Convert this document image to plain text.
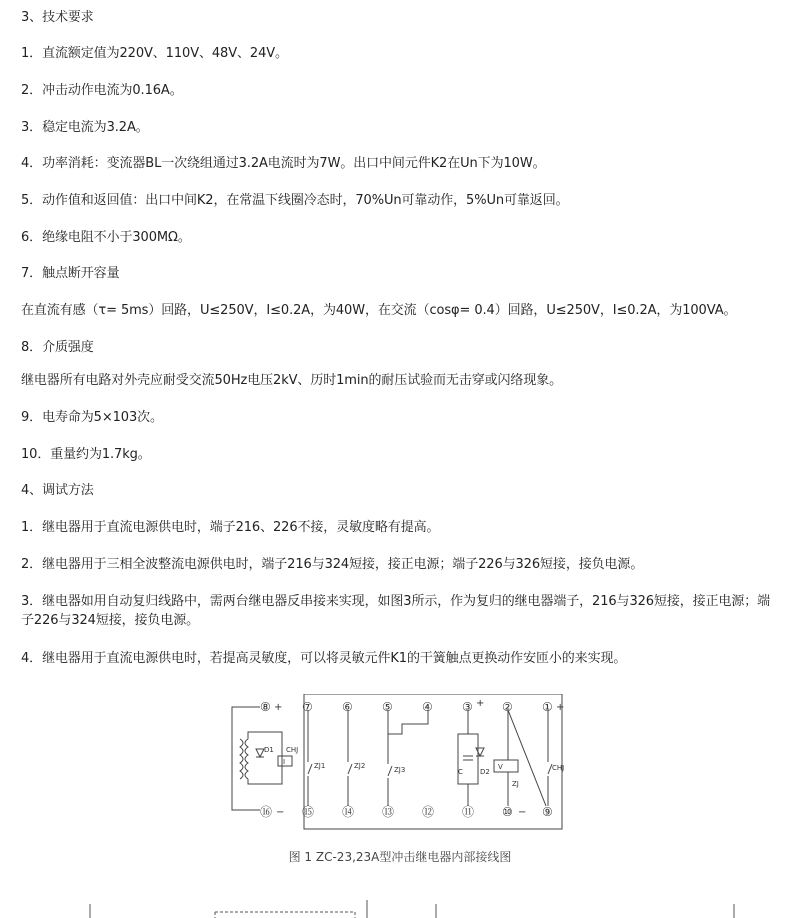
3、技术要求
1．直流额定值为220V、110V、48V、24V。
2．冲击动作电流为0.16A。
3．稳定电流为3.2A。
4．功率消耗：变流器BL一次绕组通过3.2A电流时为7W。出口中间元件K2在Un下为10W。
5．动作值和返回值：出口中间K2，在常温下线圈冷态时，70%Un可靠动作，5%Un可靠返回。
6．绝缘电阻不小于300MΩ。
7．触点断开容量
在直流有感（τ= 5ms）回路，U≤250V，I≤0.2A，为40W，在交流（cosφ= 0.4）回路，U≤250V，I≤0.2A，为100VA。
8．介质强度
继电器所有电路对外壳应耐受交流50Hz电压2kV、历时1min的耐压试验而无击穿或闪络现象。
9．电寿命为5×103次。
10．重量约为1.7kg。
4、调试方法
1．继电器用于直流电源供电时，端子216、226不接，灵敏度略有提高。
2．继电器用于三相全波整流电源供电时，端子216与324短接，接正电源；端子226与326短接，接负电源。
3．继电器如用自动复归线路中，需两台继电器反串接来实现，如图3所示，作为复归的继电器端子，216与326短接，接正电源；端子226与324短接，接负电源。
4．继电器用于直流电源供电时，若提高灵敏度，可以将灵敏元件K1的干簧触点更换动作安匝小的来实现。
⑧ + ⑦ ⑥ ⑤ ④ ③ + ② ① +
⑯ − ⑮ ⑭ ⑬ ⑫ ⑪ ⑩ − ⑨
D1 CHJ
I	ZJ1	ZJ2	ZJ3	C D2
V
ZJ
CHJ
图 1 ZC-23,23A型冲击继电器内部接线图
